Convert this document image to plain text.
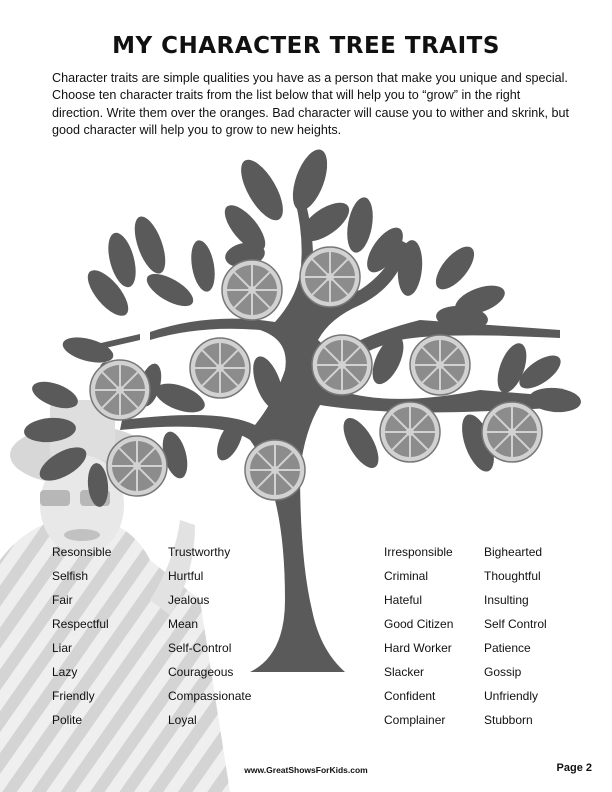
MY CHARACTER TREE TRAITS
Character traits are simple qualities you have as a person that make you unique and special. Choose ten character traits from the list below that will help you to “grow” in the right direction. Write them over the oranges. Bad character will cause you to wither and skrink, but good character will help you to grow to new heights.
Resonsible
Selfish
Fair
Respectful
Liar
Lazy
Friendly
Polite
Trustworthy
Hurtful
Jealous
Mean
Self-Control
Courageous
Compassionate
Loyal
Irresponsible
Criminal
Hateful
Good Citizen
Hard Worker
Slacker
Confident
Complainer
Bighearted
Thoughtful
Insulting
Self Control
Patience
Gossip
Unfriendly
Stubborn
www.GreatShowsForKids.com	Page 2
